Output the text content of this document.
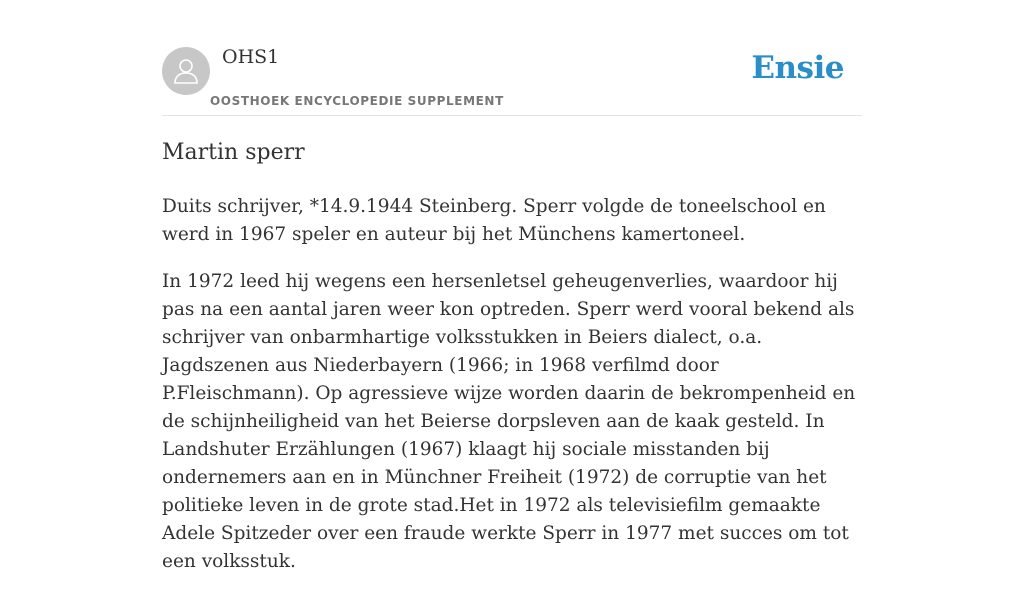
OHS1
OOSTHOEK ENCYCLOPEDIE SUPPLEMENT
Ensie
Martin sperr

Duits schrijver, *14.9.1944 Steinberg. Sperr volgde de toneelschool en werd in 1967 speler en auteur bij het Münchens kamertoneel.

In 1972 leed hij wegens een hersenletsel geheugenverlies, waardoor hij pas na een aantal jaren weer kon optreden. Sperr werd vooral bekend als schrijver van onbarmhartige volksstukken in Beiers dialect, o.a. Jagdszenen aus Niederbayern (1966; in 1968 verfilmd door P.Fleischmann). Op agressieve wijze worden daarin de bekrompenheid en de schijnheiligheid van het Beierse dorpsleven aan de kaak gesteld. In Landshuter Erzählungen (1967) klaagt hij sociale misstanden bij ondernemers aan en in Münchner Freiheit (1972) de corruptie van het politieke leven in de grote stad.Het in 1972 als televisiefilm gemaakte Adele Spitzeder over een fraude werkte Sperr in 1977 met succes om tot een volksstuk.
